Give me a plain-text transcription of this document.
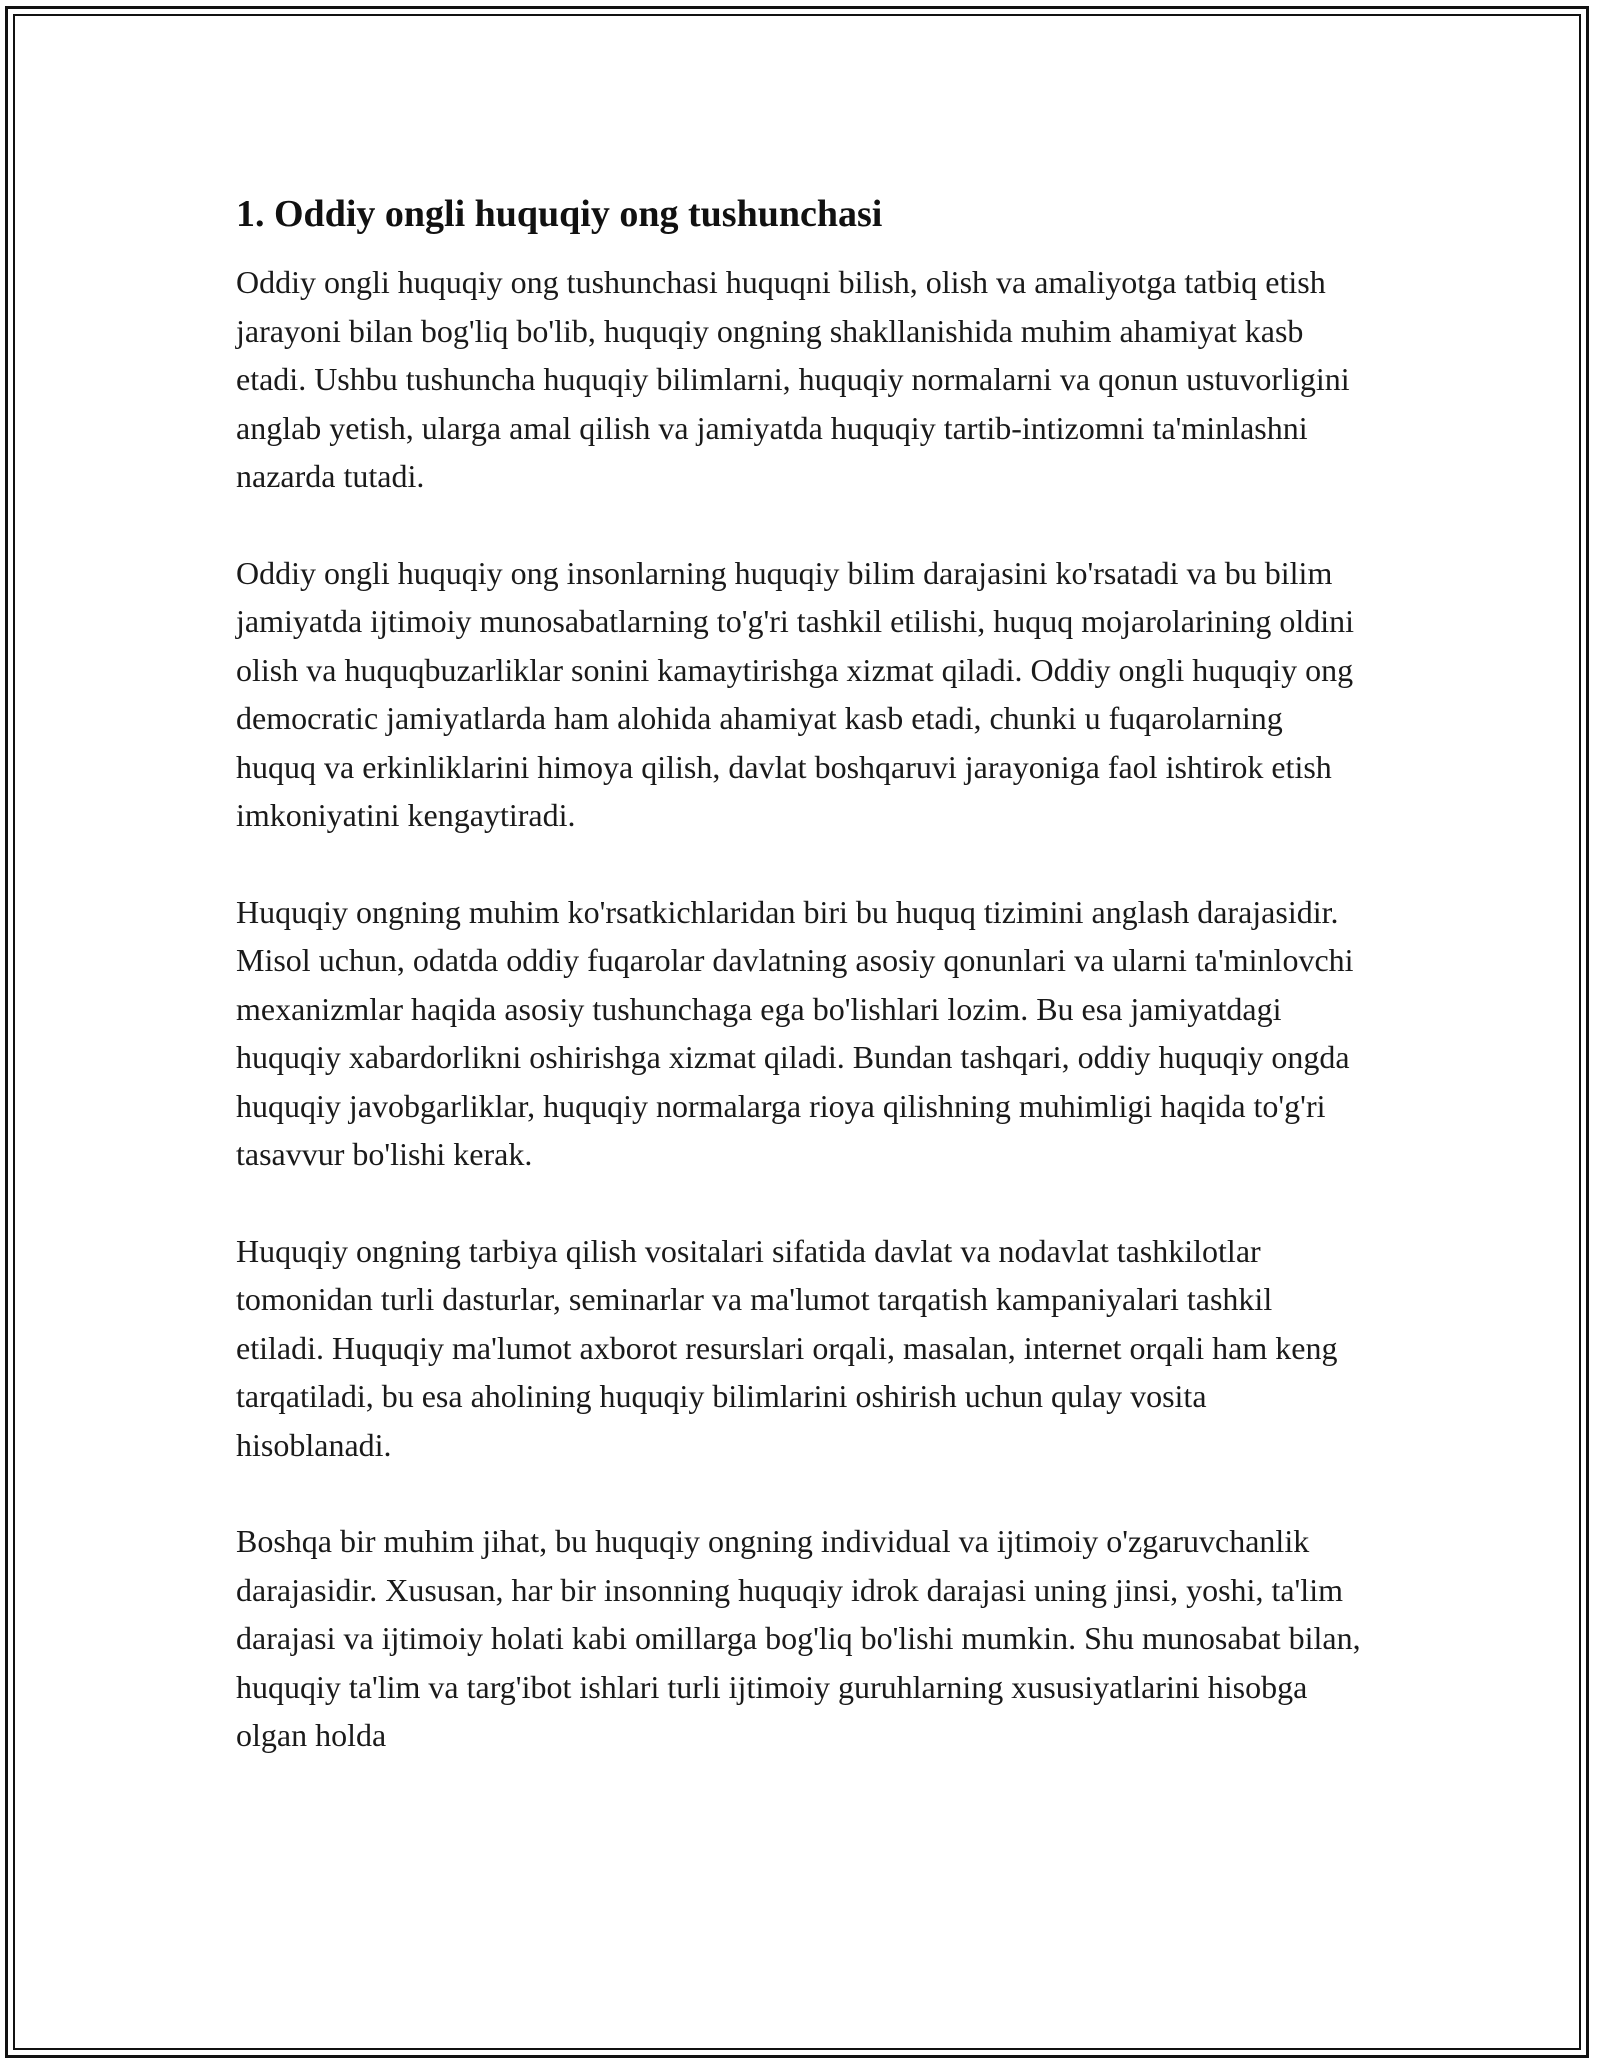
1. Oddiy ongli huquqiy ong tushunchasi

Oddiy ongli huquqiy ong tushunchasi huquqni bilish, olish va amaliyotga tatbiq etish jarayoni bilan bog'liq bo'lib, huquqiy ongning shakllanishida muhim ahamiyat kasb etadi. Ushbu tushuncha huquqiy bilimlarni, huquqiy normalarni va qonun ustuvorligini anglab yetish, ularga amal qilish va jamiyatda huquqiy tartib-intizomni ta'minlashni nazarda tutadi.

Oddiy ongli huquqiy ong insonlarning huquqiy bilim darajasini ko'rsatadi va bu bilim jamiyatda ijtimoiy munosabatlarning to'g'ri tashkil etilishi, huquq mojarolarining oldini olish va huquqbuzarliklar sonini kamaytirishga xizmat qiladi. Oddiy ongli huquqiy ong democratic jamiyatlarda ham alohida ahamiyat kasb etadi, chunki u fuqarolarning huquq va erkinliklarini himoya qilish, davlat boshqaruvi jarayoniga faol ishtirok etish imkoniyatini kengaytiradi.

Huquqiy ongning muhim ko'rsatkichlaridan biri bu huquq tizimini anglash darajasidir. Misol uchun, odatda oddiy fuqarolar davlatning asosiy qonunlari va ularni ta'minlovchi mexanizmlar haqida asosiy tushunchaga ega bo'lishlari lozim. Bu esa jamiyatdagi huquqiy xabardorlikni oshirishga xizmat qiladi. Bundan tashqari, oddiy huquqiy ongda huquqiy javobgarliklar, huquqiy normalarga rioya qilishning muhimligi haqida to'g'ri tasavvur bo'lishi kerak.

Huquqiy ongning tarbiya qilish vositalari sifatida davlat va nodavlat tashkilotlar tomonidan turli dasturlar, seminarlar va ma'lumot tarqatish kampaniyalari tashkil etiladi. Huquqiy ma'lumot axborot resurslari orqali, masalan, internet orqali ham keng tarqatiladi, bu esa aholining huquqiy bilimlarini oshirish uchun qulay vosita hisoblanadi.

Boshqa bir muhim jihat, bu huquqiy ongning individual va ijtimoiy o'zgaruvchanlik darajasidir. Xususan, har bir insonning huquqiy idrok darajasi uning jinsi, yoshi, ta'lim darajasi va ijtimoiy holati kabi omillarga bog'liq bo'lishi mumkin. Shu munosabat bilan, huquqiy ta'lim va targ'ibot ishlari turli ijtimoiy guruhlarning xususiyatlarini hisobga olgan holda
